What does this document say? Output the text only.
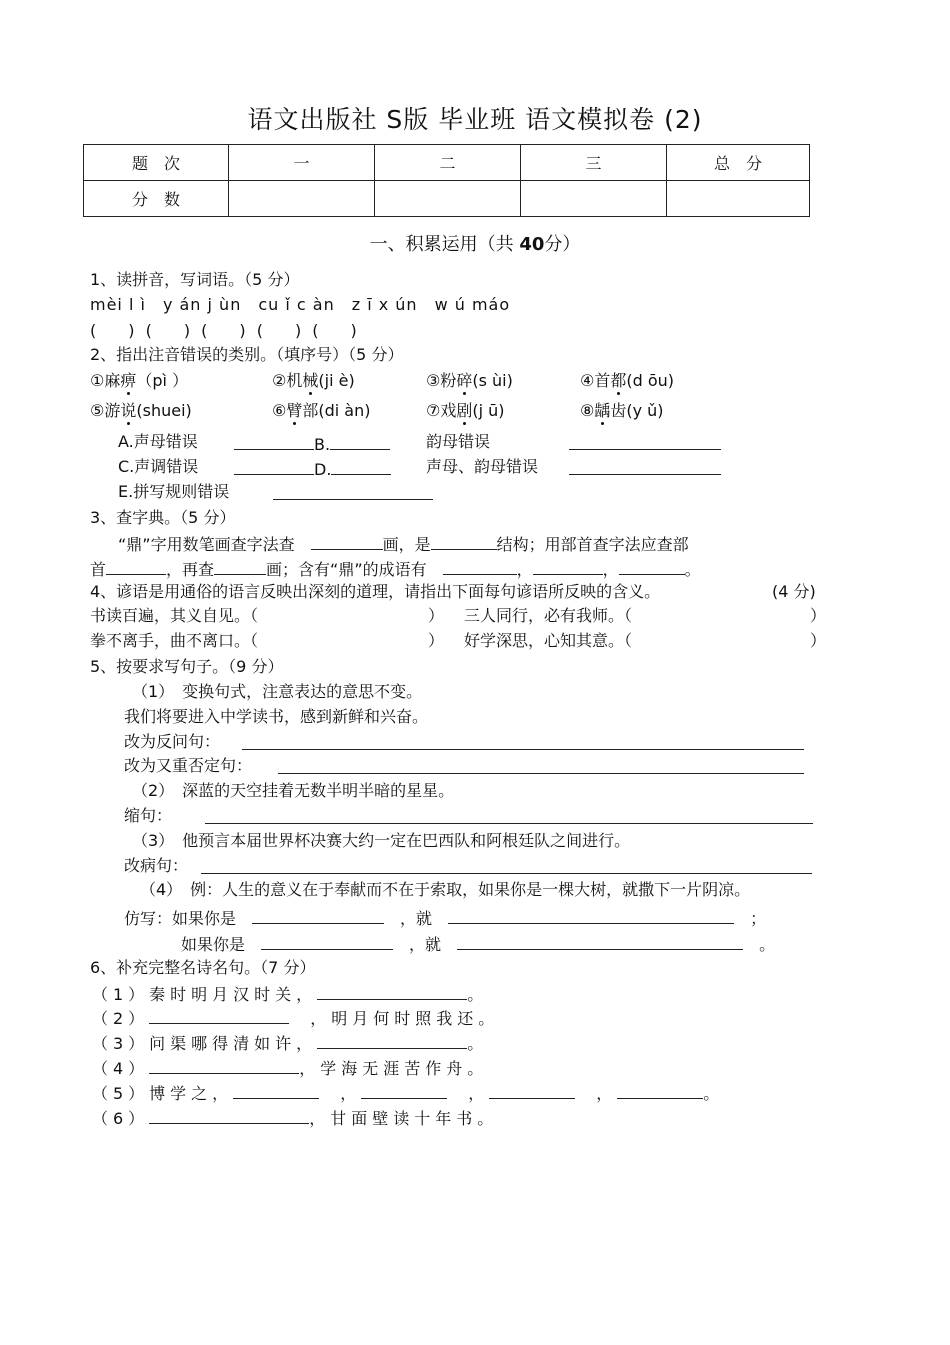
语文出版社 S版 毕业班 语文模拟卷 (2)
题　次	一	二	三	总　分
分　数				
一、积累运用（共 40分）
1、读拼音，写词语。（5 分）
mèi l ì　y án j ùn　cu ǐ c àn　z ī x ún　w ú máo
(　　) (　　) (　　) (　　) (　　)
2、指出注音错误的类别。（填序号）（5 分）
①麻痹（pì ）	②机械(ji è)	③粉碎(s ùi)	④首都(d ōu)
⑤游说(shuei)	⑥臂部(di àn)	⑦戏剧(j ū)	⑧龋齿(y ǔ)
A.声母错误	B.	韵母错误
C.声调错误	D.	声母、韵母错误
E.拼写规则错误
3、查字典。（5 分）
“鼎”字用数笔画查字法查　	画，是	结构；用部首查字法应查部
首	，再查	画；含有“鼎”的成语有　	，	，	。
4、谚语是用通俗的语言反映出深刻的道理，请指出下面每句谚语所反映的含义。	(4 分)
书读百遍，其义自见。（	） 三人同行，必有我师。（	）
拳不离手，曲不离口。（	） 好学深思，心知其意。（	）
5、按要求写句子。（9 分）
（1）　变换句式，注意表达的意思不变。
我们将要进入中学读书，感到新鲜和兴奋。
改为反问句：
改为又重否定句：
（2）　深蓝的天空挂着无数半明半暗的星星。
缩句：
（3）　他预言本届世界杯决赛大约一定在巴西队和阿根廷队之间进行。
改病句：
（4）　例：人生的意义在于奉献而不在于索取，如果你是一棵大树，就撒下一片阴凉。
仿写：如果你是　　	，就　　	；
如果你是　　	，就　　	。
6、补充完整名诗名句。（7 分）
（1）秦时明月汉时关，	。
（2）　	，明月何时照我还。
（3）问渠哪得清如许，	。
（4）	，学海无涯苦作舟。
（5）博学之，　	，　	，　	，	。
（6）	，甘面壁读十年书。
